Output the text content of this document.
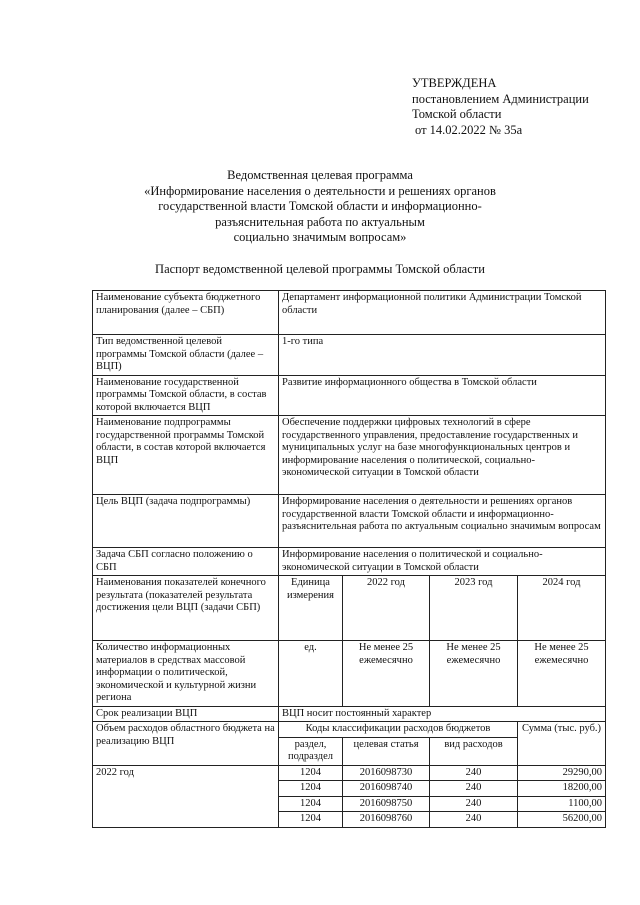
УТВЕРЖДЕНА
постановлением Администрации
Томской области
от 14.02.2022 № 35а
Ведомственная целевая программа
«Информирование населения о деятельности и решениях органов
государственной власти Томской области и информационно-
разъяснительная работа по актуальным
социально значимым вопросам»
Паспорт ведомственной целевой программы Томской области
Наименование субъекта бюджетного планирования (далее – СБП)	Департамент информационной политики Администрации Томской области			
Тип ведомственной целевой программы Томской области (далее – ВЦП)	1-го типа			
Наименование государственной программы Томской области, в состав которой включается ВЦП	Развитие информационного общества в Томской области			
Наименование подпрограммы государственной программы Томской области, в состав которой включается ВЦП	Обеспечение поддержки цифровых технологий в сфере государственного управления, предоставление государственных и муниципальных услуг на базе многофункциональных центров и информирование населения о политической, социально-экономической ситуации в Томской области			
Цель ВЦП (задача подпрограммы)	Информирование населения о деятельности и решениях органов государственной власти Томской области и информационно-разъяснительная работа по актуальным социально значимым вопросам			
Задача СБП согласно положению о СБП	Информирование населения о политической и социально-экономической ситуации в Томской области			
Наименования показателей конечного результата (показателей результата достижения цели ВЦП (задачи СБП)	Единица измерения	2022 год	2023 год	2024 год
Количество информационных материалов в средствах массовой информации о политической, экономической и культурной жизни региона	ед.	Не менее 25 ежемесячно	Не менее 25 ежемесячно	Не менее 25 ежемесячно
Срок реализации ВЦП	ВЦП носит постоянный характер			
Объем расходов областного бюджета на реализацию ВЦП	Коды классификации расходов бюджетов			Сумма (тыс. руб.)
	раздел, подраздел	целевая статья	вид расходов	
2022 год	1204	2016098730	240	29290,00
	1204	2016098740	240	18200,00
	1204	2016098750	240	1100,00
	1204	2016098760	240	56200,00
